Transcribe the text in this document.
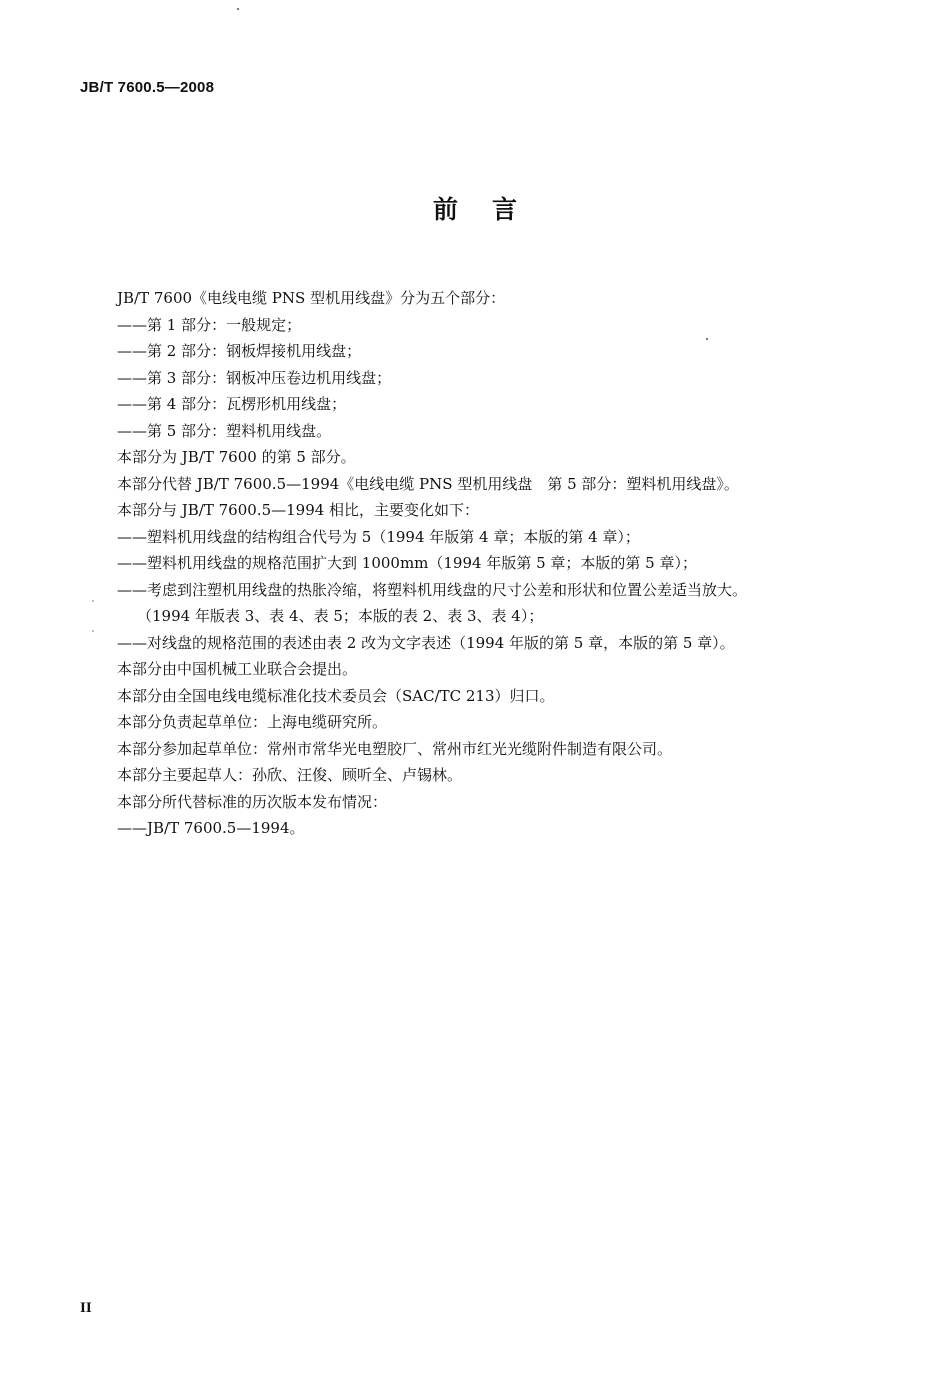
JB/T 7600.5—2008
前言
JB/T 7600《电线电缆 PNS 型机用线盘》分为五个部分：
——第 1 部分：一般规定；
——第 2 部分：钢板焊接机用线盘；
——第 3 部分：钢板冲压卷边机用线盘；
——第 4 部分：瓦楞形机用线盘；
——第 5 部分：塑料机用线盘。
本部分为 JB/T 7600 的第 5 部分。
本部分代替 JB/T 7600.5—1994《电线电缆 PNS 型机用线盘　第 5 部分：塑料机用线盘》。
本部分与 JB/T 7600.5—1994 相比，主要变化如下：
——塑料机用线盘的结构组合代号为 5（1994 年版第 4 章；本版的第 4 章）；
——塑料机用线盘的规格范围扩大到 1000mm（1994 年版第 5 章；本版的第 5 章）；
——考虑到注塑机用线盘的热胀冷缩，将塑料机用线盘的尺寸公差和形状和位置公差适当放大。
（1994 年版表 3、表 4、表 5；本版的表 2、表 3、表 4）；
——对线盘的规格范围的表述由表 2 改为文字表述（1994 年版的第 5 章，本版的第 5 章）。
本部分由中国机械工业联合会提出。
本部分由全国电线电缆标准化技术委员会（SAC/TC 213）归口。
本部分负责起草单位：上海电缆研究所。
本部分参加起草单位：常州市常华光电塑胶厂、常州市红光光缆附件制造有限公司。
本部分主要起草人：孙欣、汪俊、顾听全、卢锡林。
本部分所代替标准的历次版本发布情况：
——JB/T 7600.5—1994。
II
